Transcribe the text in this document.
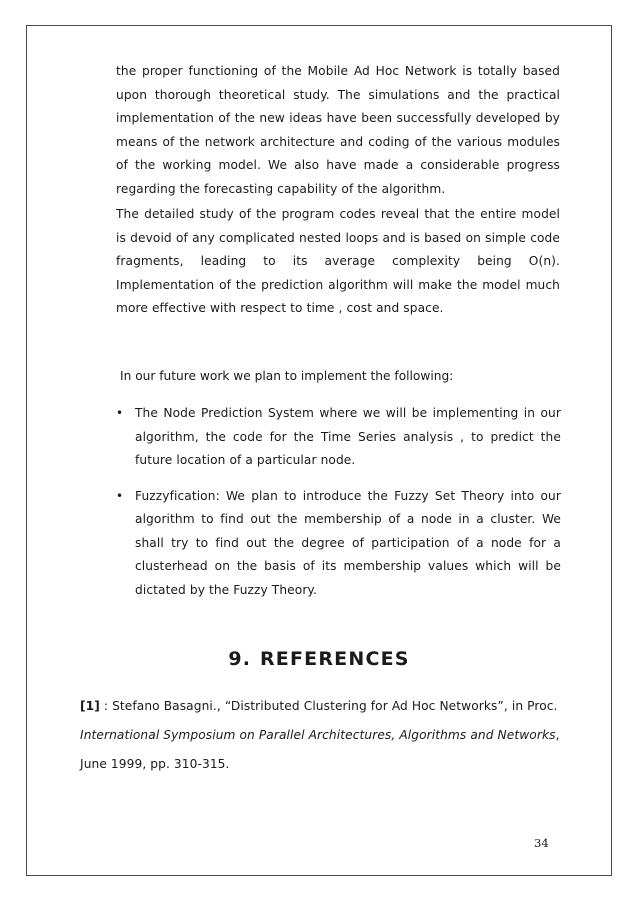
the proper functioning of the Mobile Ad Hoc Network is totally based upon thorough theoretical study. The simulations and the practical implementation of the new ideas have been successfully developed by means of the network architecture and coding of the various modules of the working model. We also have made a considerable progress regarding the forecasting capability of the algorithm.

The detailed study of the program codes reveal that the entire model is devoid of any complicated nested loops and is based on simple code fragments, leading to its average complexity being O(n). Implementation of the prediction algorithm will make the model much more effective with respect to time , cost and space.

In our future work we plan to implement the following:

• The Node Prediction System where we will be implementing in our algorithm, the code for the Time Series analysis , to predict the future location of a particular node.
• Fuzzyfication: We plan to introduce the Fuzzy Set Theory into our algorithm to find out the membership of a node in a cluster. We shall try to find out the degree of participation of a node for a clusterhead on the basis of its membership values which will be dictated by the Fuzzy Theory.
9. REFERENCES

[1] : Stefano Basagni., “Distributed Clustering for Ad Hoc Networks”, in Proc. International Symposium on Parallel Architectures, Algorithms and Networks, June 1999, pp. 310-315.

34
